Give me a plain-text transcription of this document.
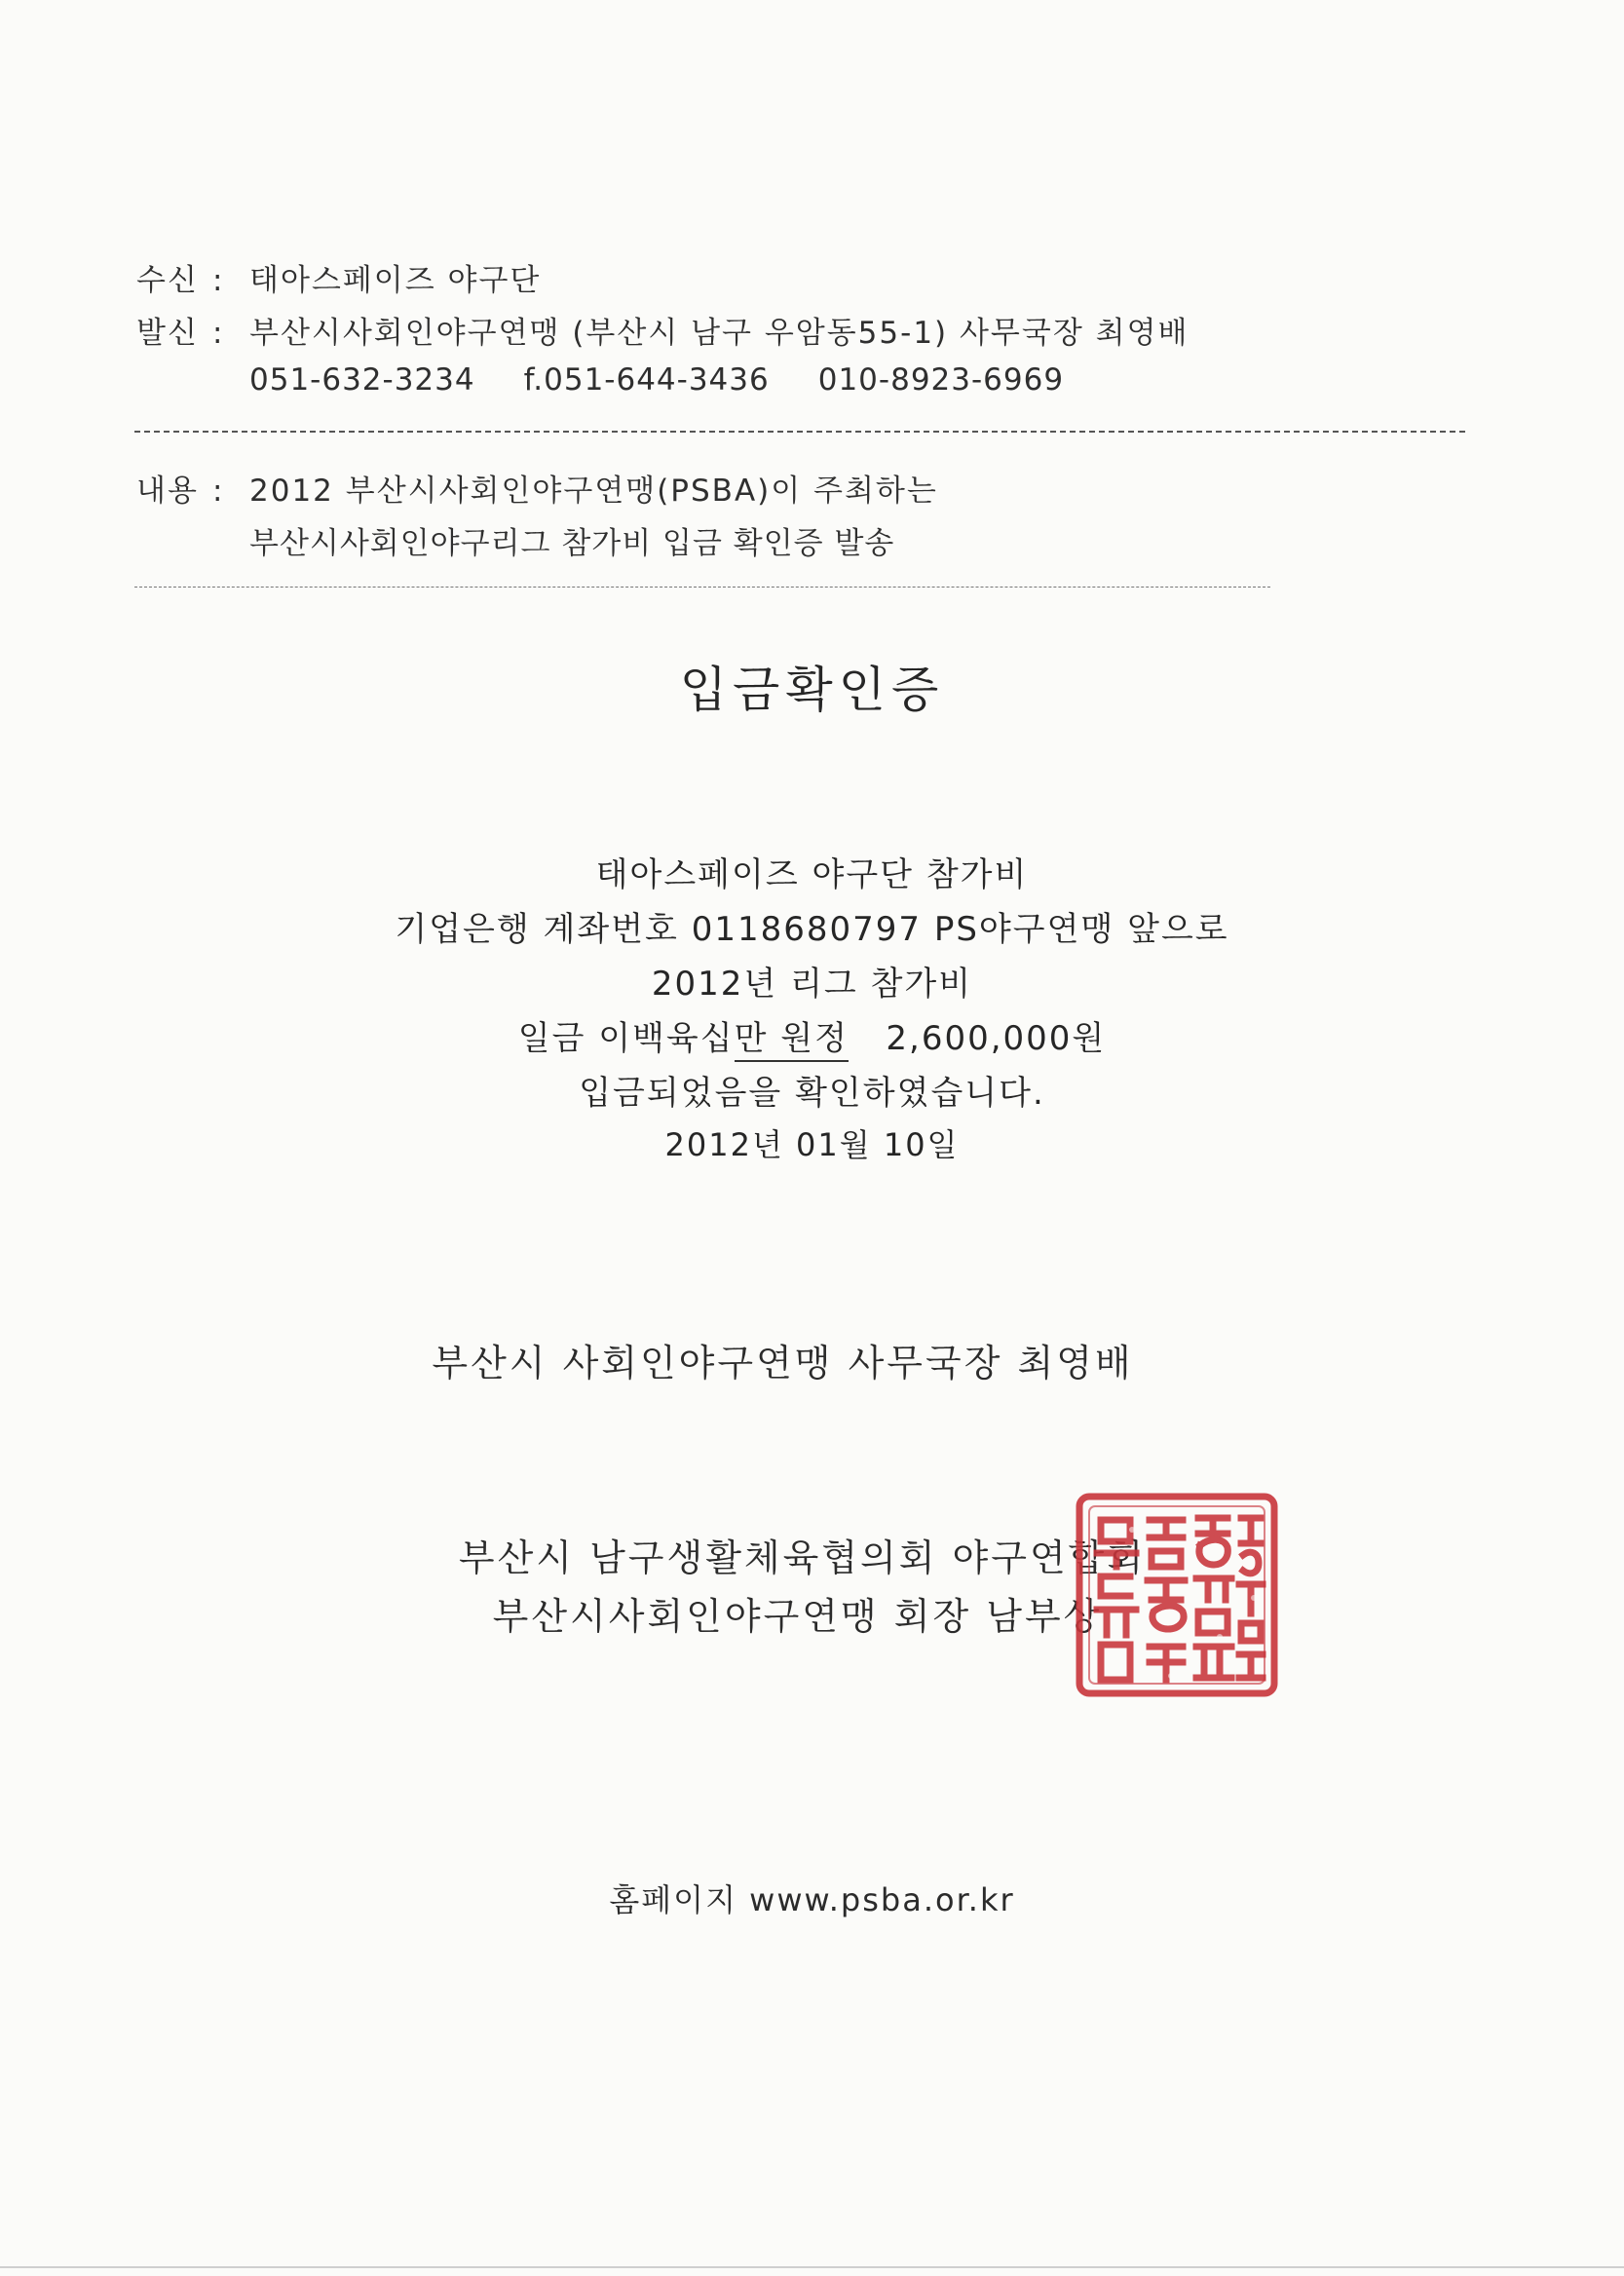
수신 : 태아스페이즈 야구단
발신 : 부산시사회인야구연맹 (부산시 남구 우암동55-1) 사무국장 최영배
051-632-3234 f.051-644-3436 010-8923-6969
내용 : 2012 부산시사회인야구연맹(PSBA)이 주최하는
부산시사회인야구리그 참가비 입금 확인증 발송
입금확인증
태아스페이즈 야구단 참가비
기업은행 계좌번호 0118680797 PS야구연맹 앞으로
2012년 리그 참가비
일금 이백육십만 원정 2,600,000원
입금되었음을 확인하였습니다.
2012년 01월 10일
부산시 사회인야구연맹 사무국장 최영배
부산시 남구생활체육협의회 야구연합회
부산시사회인야구연맹 회장 남부상
홈페이지 www.psba.or.kr
